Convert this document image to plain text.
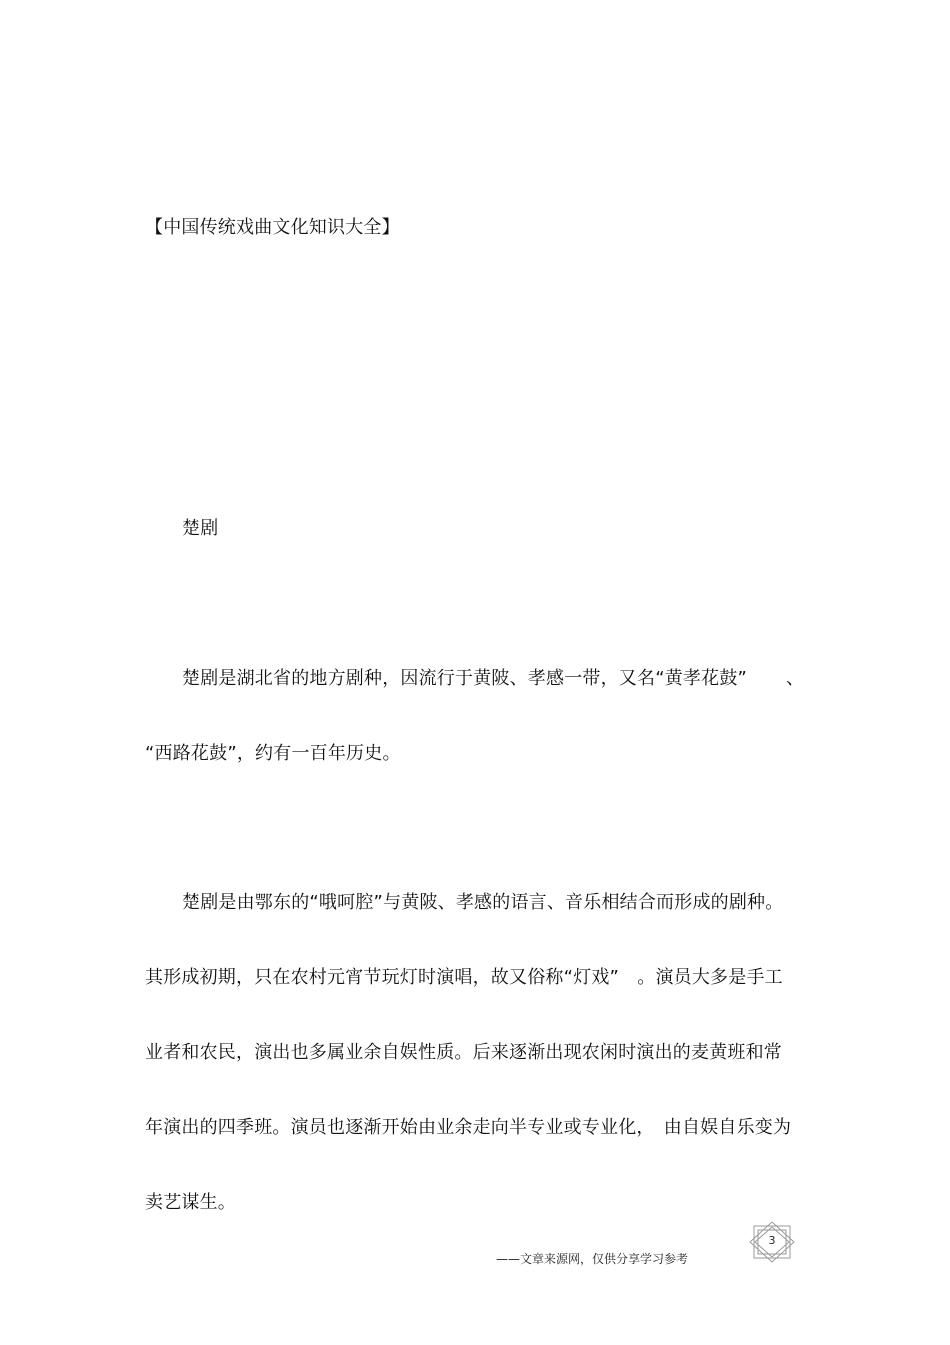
【中国传统戏曲文化知识大全】
楚剧
楚剧是湖北省的地方剧种，因流行于黄陂、孝感一带，又名“黄孝花鼓” 、
“西路花鼓”，约有一百年历史。
楚剧是由鄂东的“哦呵腔”与黄陂、孝感的语言、音乐相结合而形成的剧种。
其形成初期，只在农村元宵节玩灯时演唱，故又俗称“灯戏”　。演员大多是手工
业者和农民，演出也多属业余自娱性质。后来逐渐出现农闲时演出的麦黄班和常
年演出的四季班。演员也逐渐开始由业余走向半专业或专业化，　由自娱自乐变为
卖艺谋生。
3
——文章来源网，仅供分享学习参考
